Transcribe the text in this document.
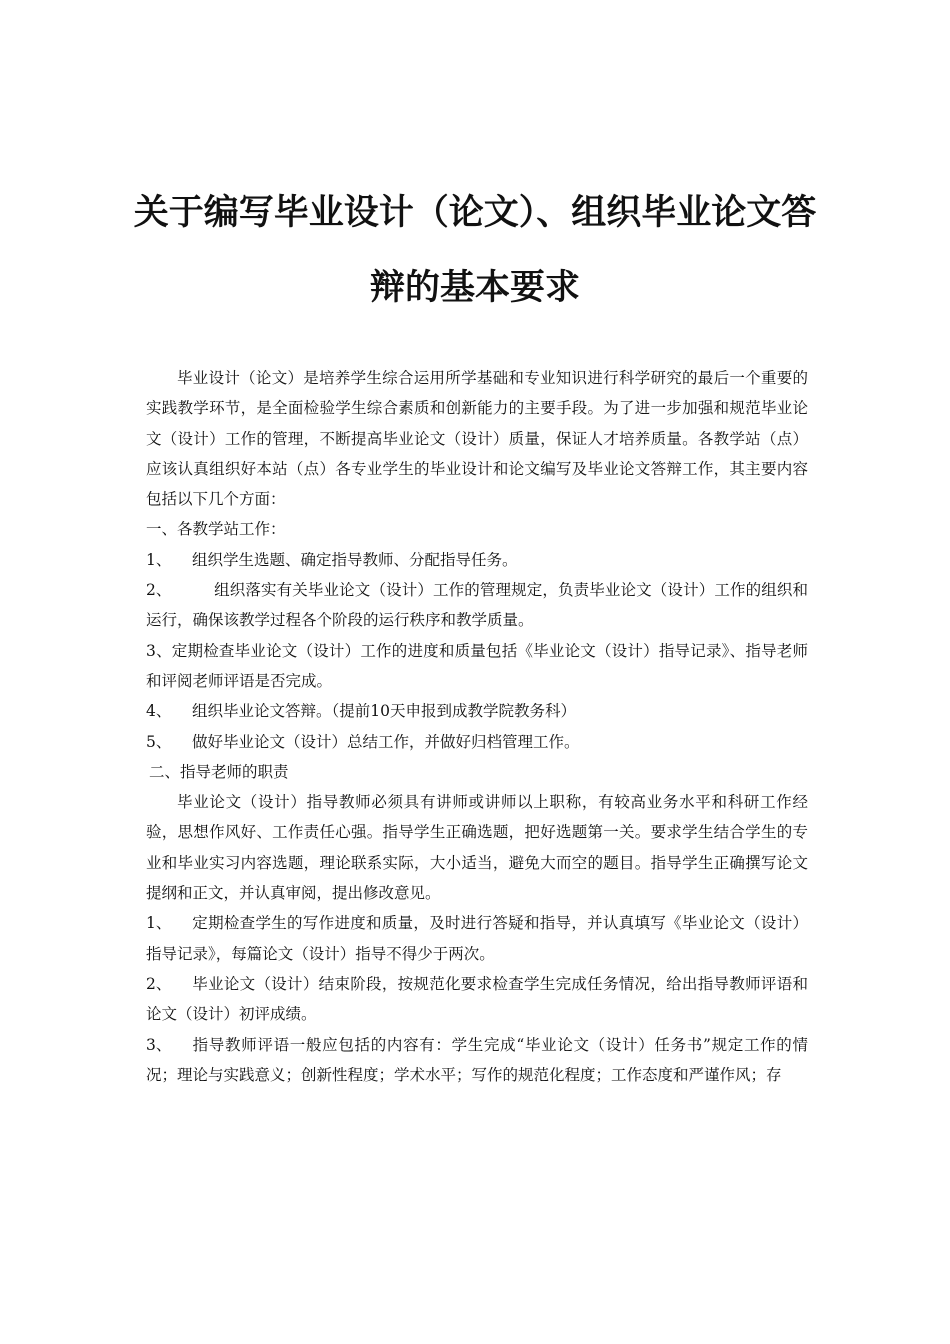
关于编写毕业设计（论文）、组织毕业论文答
辩的基本要求

毕业设计（论文）是培养学生综合运用所学基础和专业知识进行科学研究的最后一个重要的实践教学环节，是全面检验学生综合素质和创新能力的主要手段。为了进一步加强和规范毕业论文（设计）工作的管理，不断提高毕业论文（设计）质量，保证人才培养质量。各教学站（点）应该认真组织好本站（点）各专业学生的毕业设计和论文编写及毕业论文答辩工作，其主要内容包括以下几个方面：

一、各教学站工作：

1、 组织学生选题、确定指导教师、分配指导任务。

2、	组织落实有关毕业论文（设计）工作的管理规定，负责毕业论文（设计）工作的组织和运行，确保该教学过程各个阶段的运行秩序和教学质量。

3、定期检查毕业论文（设计）工作的进度和质量包括《毕业论文（设计）指导记录》、指导老师和评阅老师评语是否完成。

4、 组织毕业论文答辩。（提前10天申报到成教学院教务科）

5、 做好毕业论文（设计）总结工作，并做好归档管理工作。

二、指导老师的职责

毕业论文（设计）指导教师必须具有讲师或讲师以上职称，有较高业务水平和科研工作经验，思想作风好、工作责任心强。指导学生正确选题，把好选题第一关。要求学生结合学生的专业和毕业实习内容选题，理论联系实际，大小适当，避免大而空的题目。指导学生正确撰写论文提纲和正文，并认真审阅，提出修改意见。

1、 定期检查学生的写作进度和质量，及时进行答疑和指导，并认真填写《毕业论文（设计）指导记录》，每篇论文（设计）指导不得少于两次。

2、 毕业论文（设计）结束阶段，按规范化要求检查学生完成任务情况，给出指导教师评语和论文（设计）初评成绩。

3、 指导教师评语一般应包括的内容有：学生完成“毕业论文（设计）任务书”规定工作的情况；理论与实践意义；创新性程度；学术水平；写作的规范化程度；工作态度和严谨作风；存
